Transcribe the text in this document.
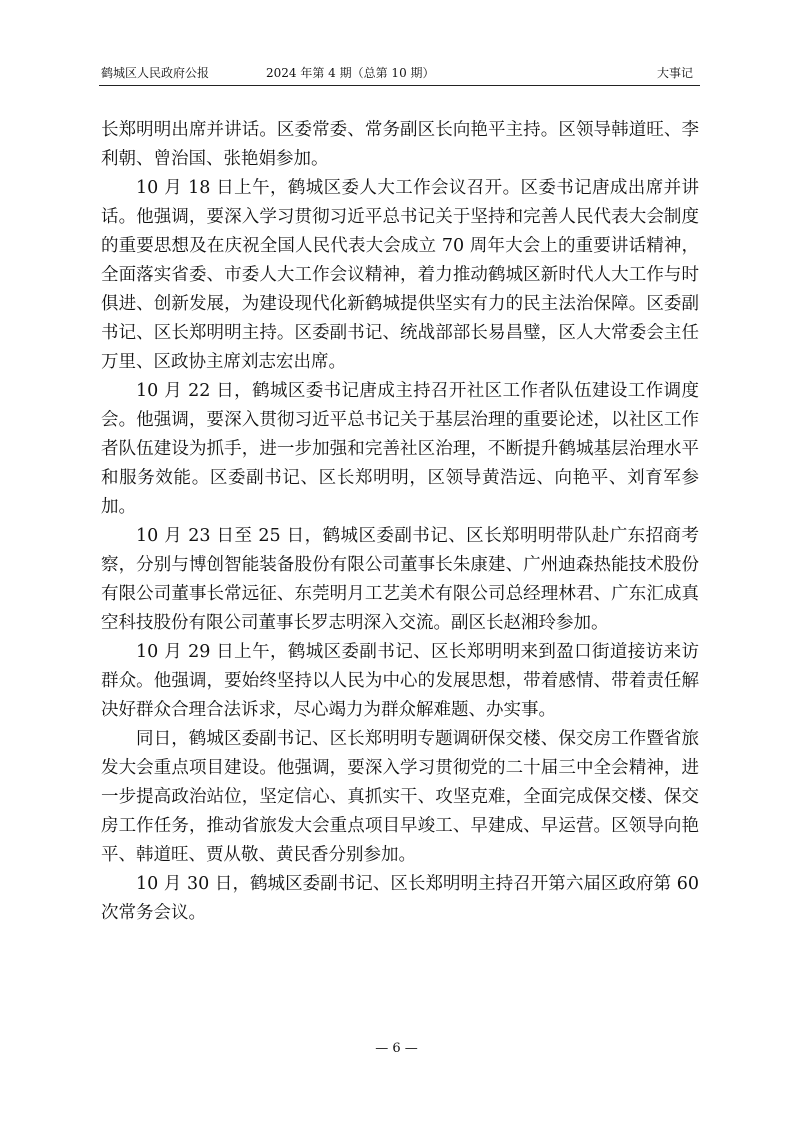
鹤城区人民政府公报	2024 年第 4 期（总第 10 期）	大事记

长郑明明出席并讲话。区委常委、常务副区长向艳平主持。区领导韩道旺、李利朝、曾治国、张艳娟参加。

10 月 18 日上午，鹤城区委人大工作会议召开。区委书记唐成出席并讲话。他强调，要深入学习贯彻习近平总书记关于坚持和完善人民代表大会制度的重要思想及在庆祝全国人民代表大会成立 70 周年大会上的重要讲话精神，全面落实省委、市委人大工作会议精神，着力推动鹤城区新时代人大工作与时俱进、创新发展，为建设现代化新鹤城提供坚实有力的民主法治保障。区委副书记、区长郑明明主持。区委副书记、统战部部长易昌璧，区人大常委会主任万里、区政协主席刘志宏出席。

10 月 22 日，鹤城区委书记唐成主持召开社区工作者队伍建设工作调度会。他强调，要深入贯彻习近平总书记关于基层治理的重要论述，以社区工作者队伍建设为抓手，进一步加强和完善社区治理，不断提升鹤城基层治理水平和服务效能。区委副书记、区长郑明明，区领导黄浩远、向艳平、刘育军参加。

10 月 23 日至 25 日，鹤城区委副书记、区长郑明明带队赴广东招商考察，分别与博创智能装备股份有限公司董事长朱康建、广州迪森热能技术股份有限公司董事长常远征、东莞明月工艺美术有限公司总经理林君、广东汇成真空科技股份有限公司董事长罗志明深入交流。副区长赵湘玲参加。

10 月 29 日上午，鹤城区委副书记、区长郑明明来到盈口街道接访来访群众。他强调，要始终坚持以人民为中心的发展思想，带着感情、带着责任解决好群众合理合法诉求，尽心竭力为群众解难题、办实事。

同日，鹤城区委副书记、区长郑明明专题调研保交楼、保交房工作暨省旅发大会重点项目建设。他强调，要深入学习贯彻党的二十届三中全会精神，进一步提高政治站位，坚定信心、真抓实干、攻坚克难，全面完成保交楼、保交房工作任务，推动省旅发大会重点项目早竣工、早建成、早运营。区领导向艳平、韩道旺、贾从敬、黄民香分别参加。

10 月 30 日，鹤城区委副书记、区长郑明明主持召开第六届区政府第 60 次常务会议。

— 6 —
